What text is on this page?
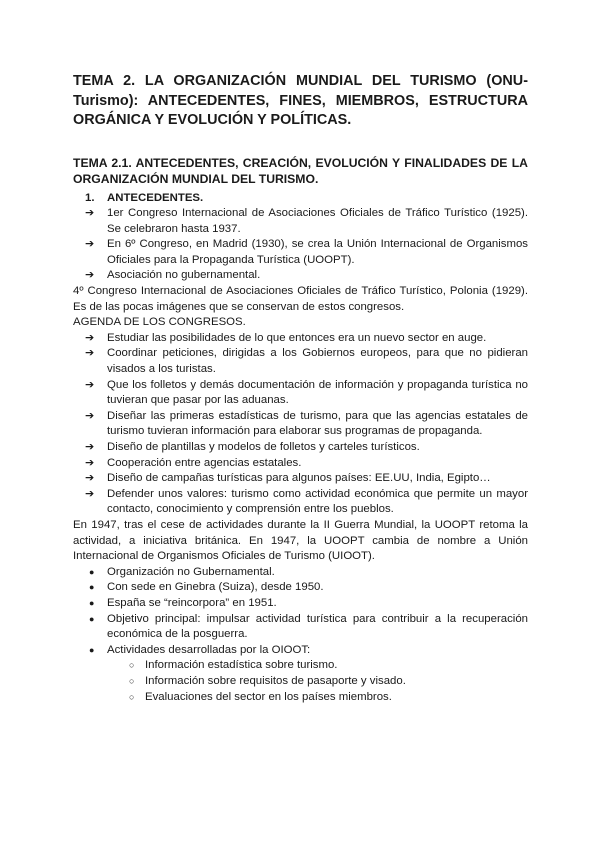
TEMA 2. LA ORGANIZACIÓN MUNDIAL DEL TURISMO (ONU-Turismo): ANTECEDENTES, FINES, MIEMBROS, ESTRUCTURA ORGÁNICA Y EVOLUCIÓN Y POLÍTICAS.
TEMA 2.1. ANTECEDENTES, CREACIÓN, EVOLUCIÓN Y FINALIDADES DE LA ORGANIZACIÓN MUNDIAL DEL TURISMO.
1.	ANTECEDENTES.
➔	1er Congreso Internacional de Asociaciones Oficiales de Tráfico Turístico (1925). Se celebraron hasta 1937.
➔	En 6º Congreso, en Madrid (1930), se crea la Unión Internacional de Organismos Oficiales para la Propaganda Turística (UOOPT).
➔	Asociación no gubernamental.

4º Congreso Internacional de Asociaciones Oficiales de Tráfico Turístico, Polonia (1929). Es de las pocas imágenes que se conservan de estos congresos.

AGENDA DE LOS CONGRESOS.

➔	Estudiar las posibilidades de lo que entonces era un nuevo sector en auge.
➔	Coordinar peticiones, dirigidas a los Gobiernos europeos, para que no pidieran visados a los turistas.
➔	Que los folletos y demás documentación de información y propaganda turística no tuvieran que pasar por las aduanas.
➔	Diseñar las primeras estadísticas de turismo, para que las agencias estatales de turismo tuvieran información para elaborar sus programas de propaganda.
➔	Diseño de plantillas y modelos de folletos y carteles turísticos.
➔	Cooperación entre agencias estatales.
➔	Diseño de campañas turísticas para algunos países: EE.UU, India, Egipto…
➔	Defender unos valores: turismo como actividad económica que permite un mayor contacto, conocimiento y comprensión entre los pueblos.

En 1947, tras el cese de actividades durante la II Guerra Mundial, la UOOPT retoma la actividad, a iniciativa británica. En 1947, la UOOPT cambia de nombre a Unión Internacional de Organismos Oficiales de Turismo (UIOOT).

●	Organización no Gubernamental.
●	Con sede en Ginebra (Suiza), desde 1950.
●	España se “reincorpora” en 1951.
●	Objetivo principal: impulsar actividad turística para contribuir a la recuperación económica de la posguerra.
●	Actividades desarrolladas por la OIOOT:
○ Información estadística sobre turismo.
○ Información sobre requisitos de pasaporte y visado.
○ Evaluaciones del sector en los países miembros.
